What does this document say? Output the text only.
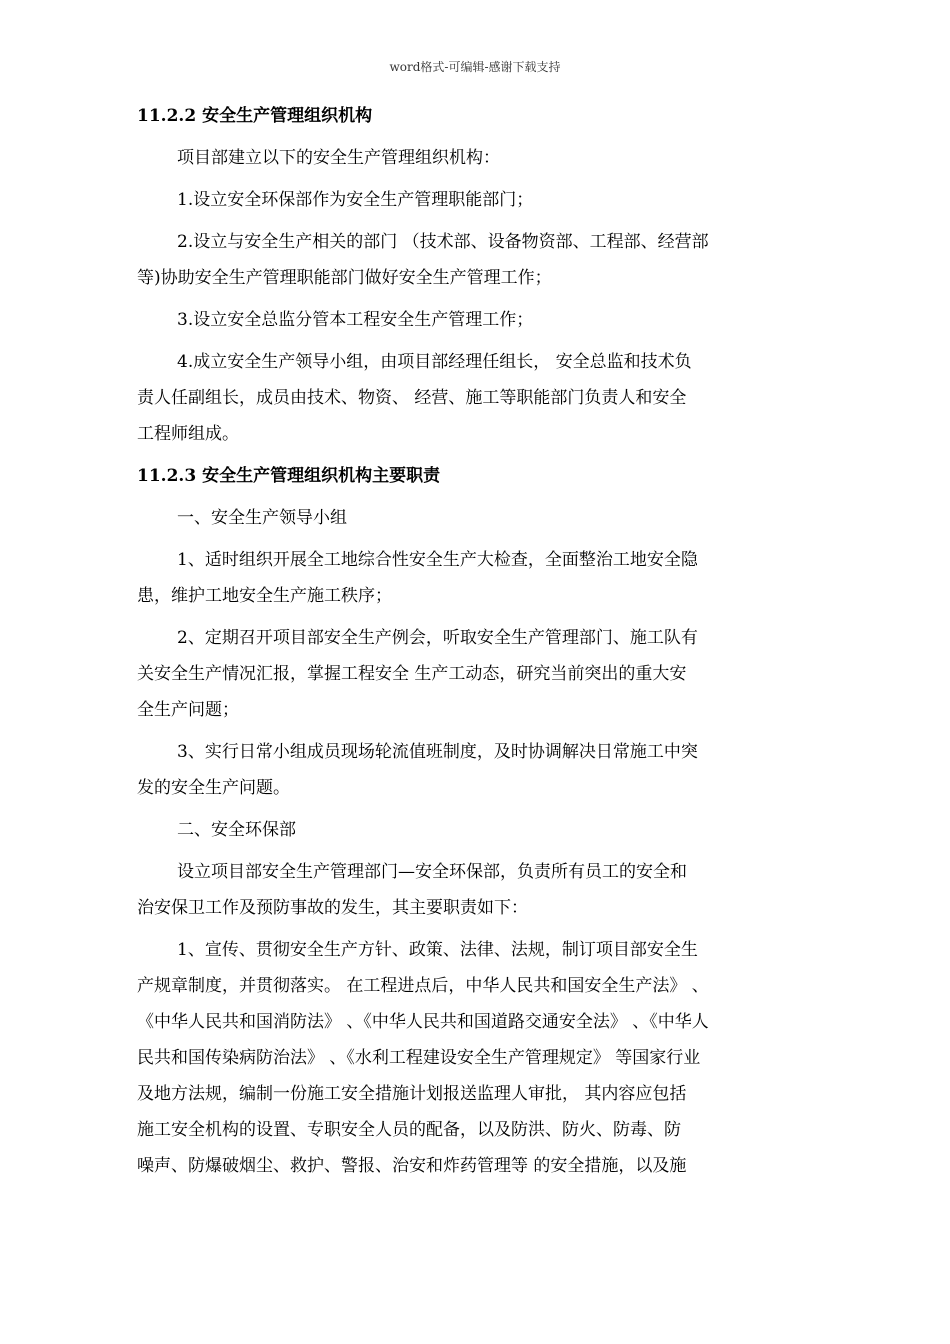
word格式-可编辑-感谢下载支持
11.2.2 安全生产管理组织机构
项目部建立以下的安全生产管理组织机构：
1.设立安全环保部作为安全生产管理职能部门；
2.设立与安全生产相关的部门 （技术部、设备物资部、工程部、经营部
等)协助安全生产管理职能部门做好安全生产管理工作；
3.设立安全总监分管本工程安全生产管理工作；
4.成立安全生产领导小组，由项目部经理任组长， 安全总监和技术负
责人任副组长，成员由技术、物资、 经营、施工等职能部门负责人和安全
工程师组成。
11.2.3 安全生产管理组织机构主要职责
一、安全生产领导小组
1、适时组织开展全工地综合性安全生产大检查，全面整治工地安全隐
患，维护工地安全生产施工秩序；
2、定期召开项目部安全生产例会，听取安全生产管理部门、施工队有
关安全生产情况汇报，掌握工程安全 生产工动态，研究当前突出的重大安
全生产问题；
3、实行日常小组成员现场轮流值班制度，及时协调解决日常施工中突
发的安全生产问题。
二、安全环保部
设立项目部安全生产管理部门—安全环保部，负责所有员工的安全和
治安保卫工作及预防事故的发生，其主要职责如下：
1、宣传、贯彻安全生产方针、政策、法律、法规，制订项目部安全生
产规章制度，并贯彻落实。 在工程进点后，中华人民共和国安全生产法》 、
《中华人民共和国消防法》 、《中华人民共和国道路交通安全法》 、《中华人
民共和国传染病防治法》 、《水利工程建设安全生产管理规定》 等国家行业
及地方法规，编制一份施工安全措施计划报送监理人审批， 其内容应包括
施工安全机构的设置、专职安全人员的配备，以及防洪、防火、防毒、防
噪声、防爆破烟尘、救护、警报、治安和炸药管理等 的安全措施，以及施
